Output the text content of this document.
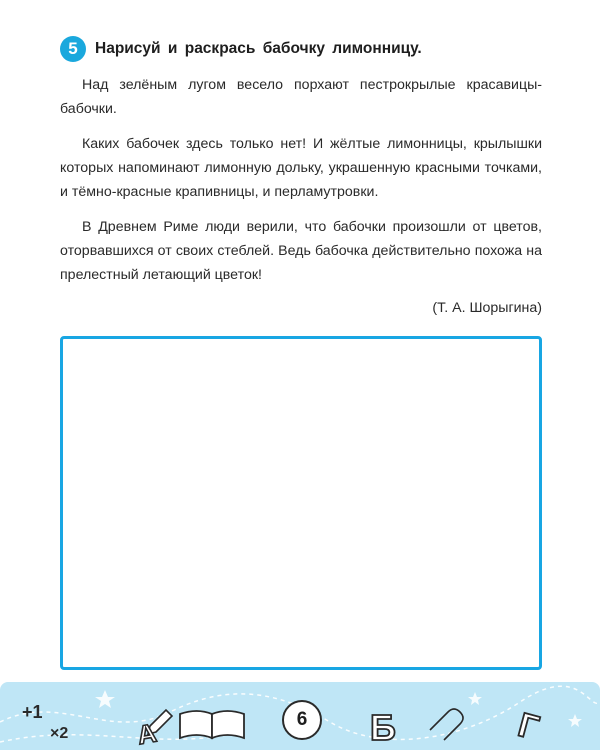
5	Нарисуй и раскрась бабочку лимонницу.

Над зелёным лугом весело порхают пестрокрылые красавицы-бабочки.

Каких бабочек здесь только нет! И жёлтые лимонницы, крылышки которых напоминают лимонную дольку, украшенную красными точками, и тёмно-красные крапивницы, и перламутровки.

В Древнем Риме люди верили, что бабочки произошли от цветов, оторвавшихся от своих стеблей. Ведь бабочка действительно похожа на прелестный летающий цветок!

(Т. А. Шорыгина)
А	Б	Г
+1
×2
6
